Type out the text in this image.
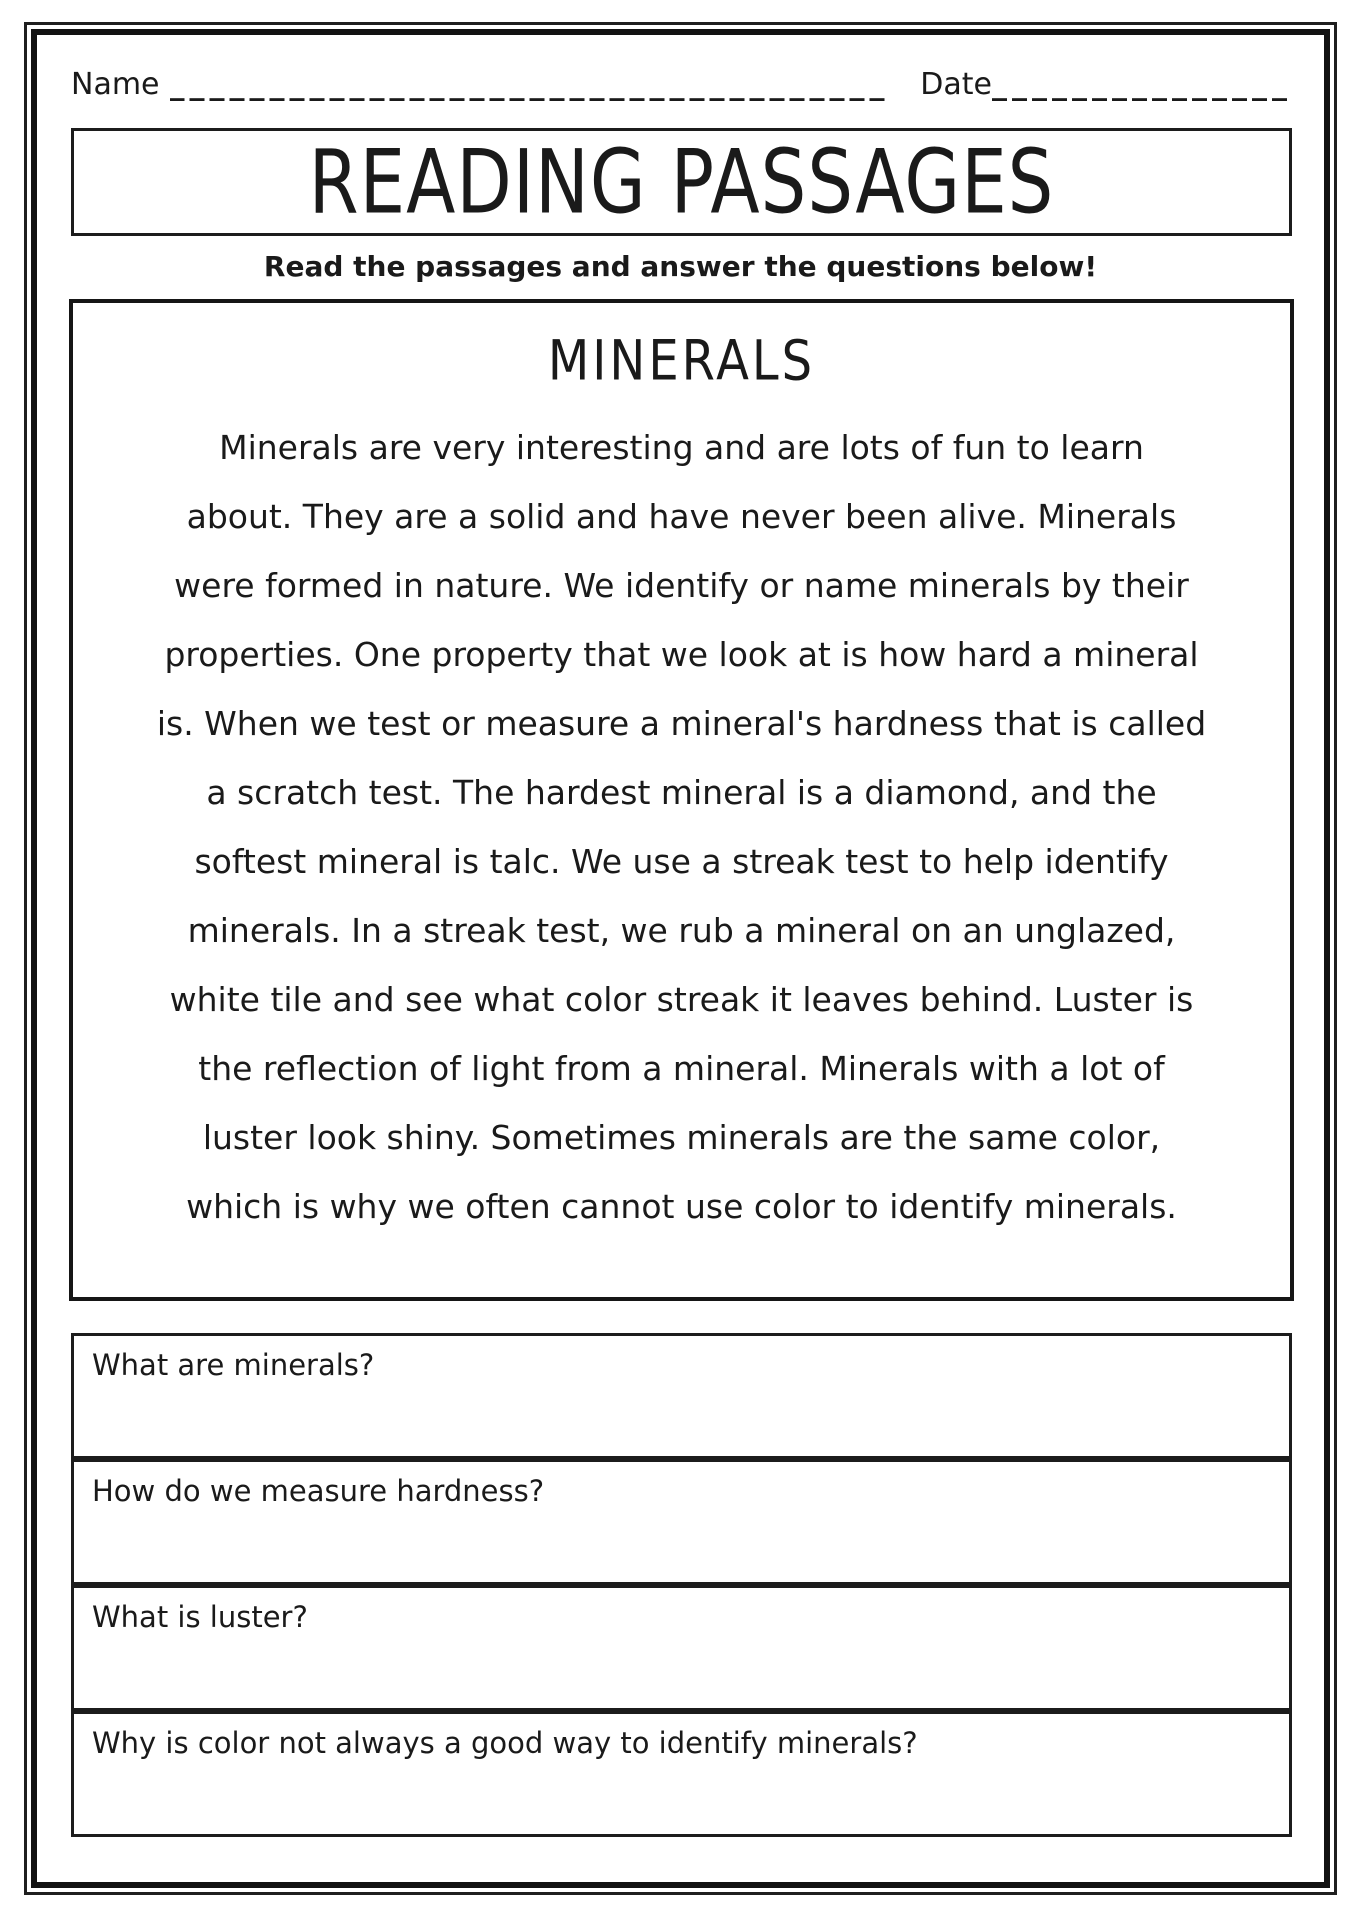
Name ____________________________________ Date _______________
READING PASSAGES
Read the passages and answer the questions below!
MINERALS
Minerals are very interesting and are lots of fun to learn
about. They are a solid and have never been alive. Minerals
were formed in nature. We identify or name minerals by their
properties. One property that we look at is how hard a mineral
is. When we test or measure a mineral's hardness that is called
a scratch test. The hardest mineral is a diamond, and the
softest mineral is talc. We use a streak test to help identify
minerals. In a streak test, we rub a mineral on an unglazed,
white tile and see what color streak it leaves behind. Luster is
the reflection of light from a mineral. Minerals with a lot of
luster look shiny. Sometimes minerals are the same color,
which is why we often cannot use color to identify minerals.
What are minerals?
How do we measure hardness?
What is luster?
Why is color not always a good way to identify minerals?
